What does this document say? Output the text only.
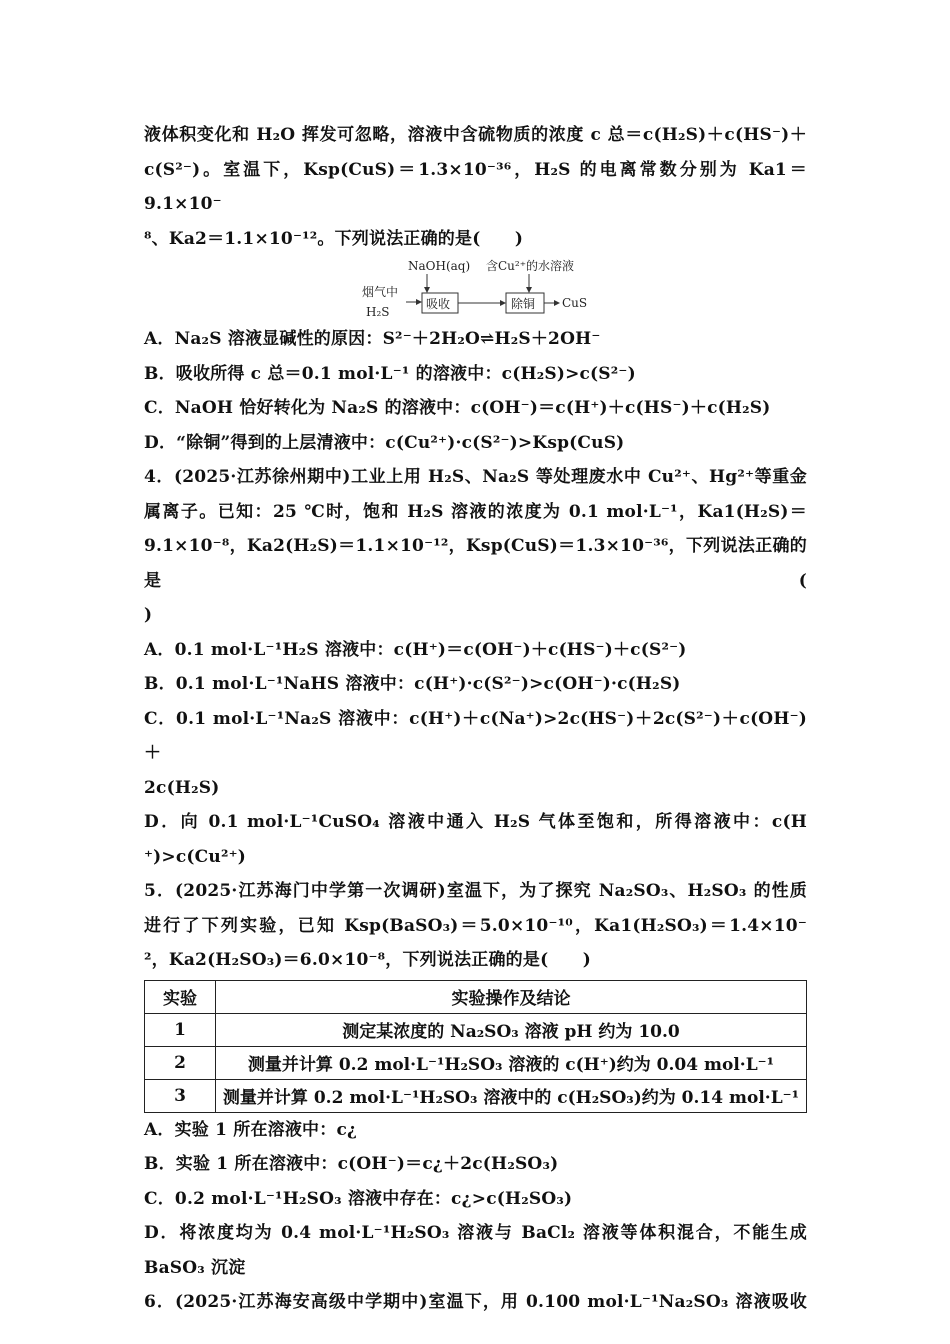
液体积变化和 H₂O 挥发可忽略，溶液中含硫物质的浓度 c 总＝c(H₂S)＋c(HS⁻)＋
c(S²⁻)。室温下，Ksp(CuS)＝1.3×10⁻³⁶，H₂S 的电离常数分别为 Ka1＝9.1×10⁻
⁸、Ka2＝1.1×10⁻¹²。下列说法正确的是(　　)
NaOH(aq) 含Cu²⁺的水溶液
烟气中
H₂S
吸收	除铜 CuS
A．Na₂S 溶液显碱性的原因：S²⁻＋2H₂O⇌H₂S＋2OH⁻
B．吸收所得 c 总＝0.1 mol·L⁻¹ 的溶液中：c(H₂S)>c(S²⁻)
C．NaOH 恰好转化为 Na₂S 的溶液中：c(OH⁻)＝c(H⁺)＋c(HS⁻)＋c(H₂S)
D．“除铜”得到的上层清液中：c(Cu²⁺)·c(S²⁻)>Ksp(CuS)
4．(2025·江苏徐州期中)工业上用 H₂S、Na₂S 等处理废水中 Cu²⁺、Hg²⁺等重金
属离子。已知：25 ℃时，饱和 H₂S 溶液的浓度为 0.1 mol·L⁻¹，Ka1(H₂S)＝
9.1×10⁻⁸，Ka2(H₂S)＝1.1×10⁻¹²，Ksp(CuS)＝1.3×10⁻³⁶，下列说法正确的是(
)
A．0.1 mol·L⁻¹H₂S 溶液中：c(H⁺)＝c(OH⁻)＋c(HS⁻)＋c(S²⁻)
B．0.1 mol·L⁻¹NaHS 溶液中：c(H⁺)·c(S²⁻)>c(OH⁻)·c(H₂S)
C．0.1 mol·L⁻¹Na₂S 溶液中：c(H⁺)＋c(Na⁺)>2c(HS⁻)＋2c(S²⁻)＋c(OH⁻)＋
2c(H₂S)
D．向 0.1 mol·L⁻¹CuSO₄ 溶液中通入 H₂S 气体至饱和，所得溶液中：c(H
⁺)>c(Cu²⁺)
5．(2025·江苏海门中学第一次调研)室温下，为了探究 Na₂SO₃、H₂SO₃ 的性质
进行了下列实验，已知 Ksp(BaSO₃)＝5.0×10⁻¹⁰，Ka1(H₂SO₃)＝1.4×10⁻
²，Ka2(H₂SO₃)＝6.0×10⁻⁸，下列说法正确的是(　　)
实验	实验操作及结论
1	测定某浓度的 Na₂SO₃ 溶液 pH 约为 10.0
2	测量并计算 0.2 mol·L⁻¹H₂SO₃ 溶液的 c(H⁺)约为 0.04 mol·L⁻¹
3	测量并计算 0.2 mol·L⁻¹H₂SO₃ 溶液中的 c(H₂SO₃)约为 0.14 mol·L⁻¹
A．实验 1 所在溶液中：c¿
B．实验 1 所在溶液中：c(OH⁻)＝c¿＋2c(H₂SO₃)
C．0.2 mol·L⁻¹H₂SO₃ 溶液中存在：c¿>c(H₂SO₃)
D．将浓度均为 0.4 mol·L⁻¹H₂SO₃ 溶液与 BaCl₂ 溶液等体积混合，不能生成
BaSO₃ 沉淀
6．(2025·江苏海安高级中学期中)室温下，用 0.100 mol·L⁻¹Na₂SO₃ 溶液吸收
